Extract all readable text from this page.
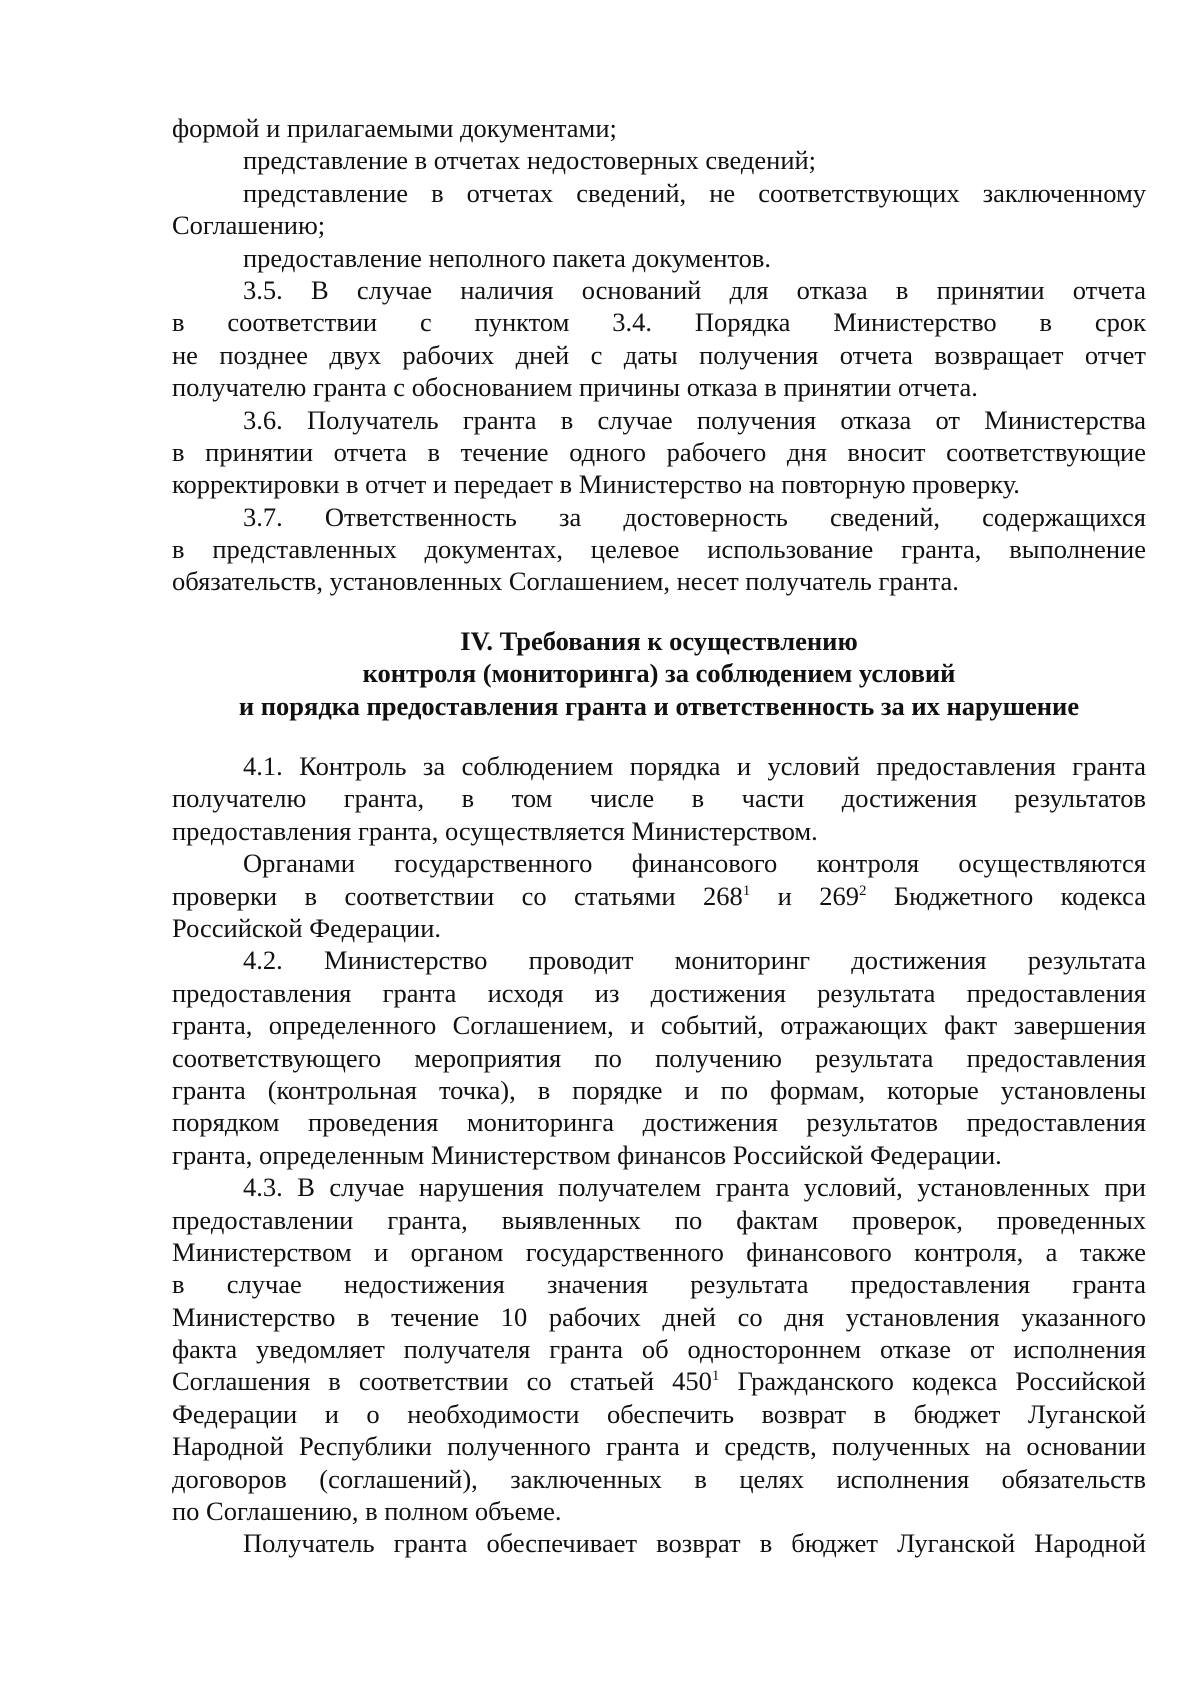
формой и прилагаемыми документами;
представление в отчетах недостоверных сведений;
представление в отчетах сведений, не соответствующих заключенному
Соглашению;
предоставление неполного пакета документов.
3.5. В случае наличия оснований для отказа в принятии отчета
в соответствии с пунктом 3.4. Порядка Министерство в срок
не позднее двух рабочих дней с даты получения отчета возвращает отчет
получателю гранта с обоснованием причины отказа в принятии отчета.
3.6. Получатель гранта в случае получения отказа от Министерства
в принятии отчета в течение одного рабочего дня вносит соответствующие
корректировки в отчет и передает в Министерство на повторную проверку.
3.7. Ответственность за достоверность сведений, содержащихся
в представленных документах, целевое использование гранта, выполнение
обязательств, установленных Соглашением, несет получатель гранта.
IV. Требования к осуществлению
контроля (мониторинга) за соблюдением условий
и порядка предоставления гранта и ответственность за их нарушение
4.1. Контроль за соблюдением порядка и условий предоставления гранта
получателю гранта, в том числе в части достижения результатов
предоставления гранта, осуществляется Министерством.
Органами государственного финансового контроля осуществляются
проверки в соответствии со статьями $268^1$ и $269^2$ Бюджетного кодекса
Российской Федерации.
4.2. Министерство проводит мониторинг достижения результата
предоставления гранта исходя из достижения результата предоставления
гранта, определенного Соглашением, и событий, отражающих факт завершения
соответствующего мероприятия по получению результата предоставления
гранта (контрольная точка), в порядке и по формам, которые установлены
порядком проведения мониторинга достижения результатов предоставления
гранта, определенным Министерством финансов Российской Федерации.
4.3. В случае нарушения получателем гранта условий, установленных при
предоставлении гранта, выявленных по фактам проверок, проведенных
Министерством и органом государственного финансового контроля, а также
в случае недостижения значения результата предоставления гранта
Министерство в течение 10 рабочих дней со дня установления указанного
факта уведомляет получателя гранта об одностороннем отказе от исполнения
Соглашения в соответствии со статьей $450^1$ Гражданского кодекса Российской
Федерации и о необходимости обеспечить возврат в бюджет Луганской
Народной Республики полученного гранта и средств, полученных на основании
договоров (соглашений), заключенных в целях исполнения обязательств
по Соглашению, в полном объеме.
Получатель гранта обеспечивает возврат в бюджет Луганской Народной
